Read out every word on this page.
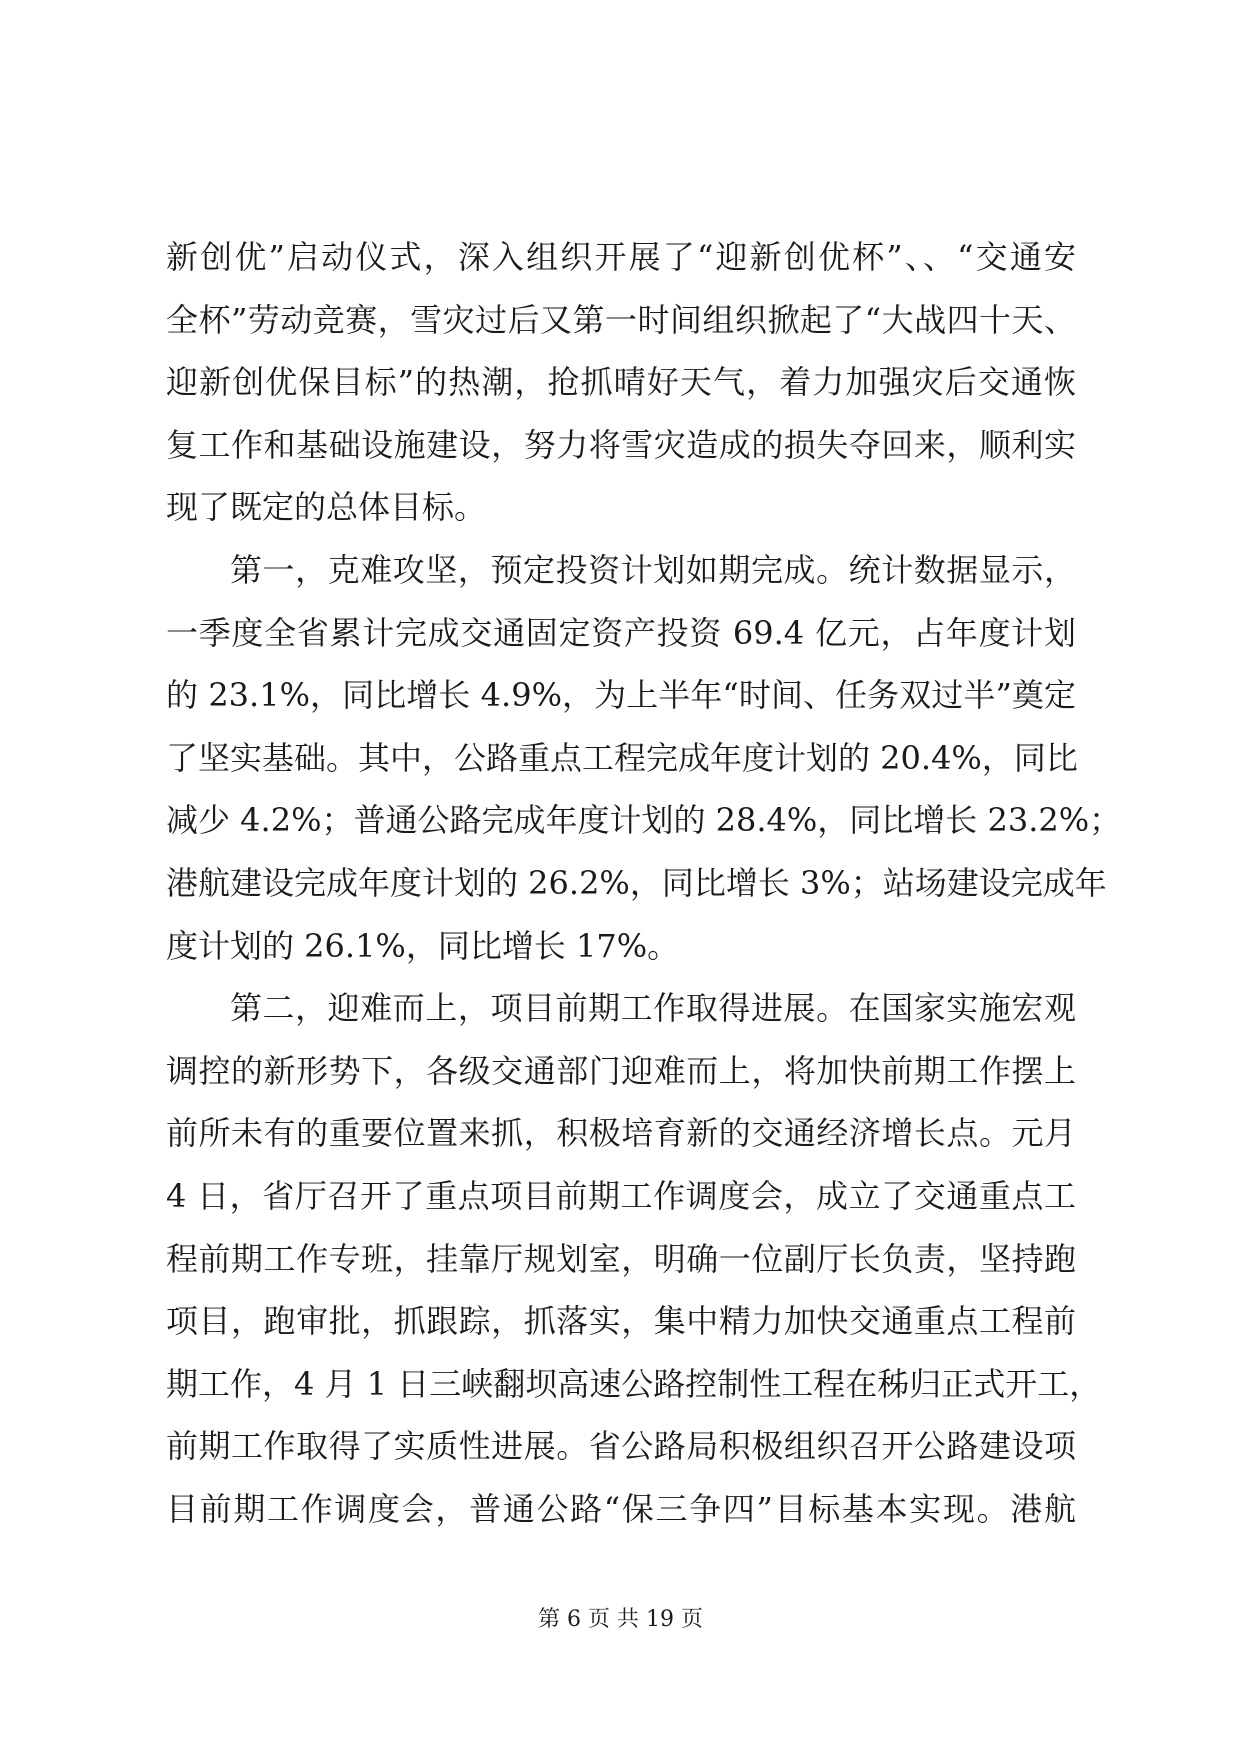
新创优”启动仪式，深入组织开展了“迎新创优杯”、、“交通安
全杯”劳动竞赛，雪灾过后又第一时间组织掀起了“大战四十天、
迎新创优保目标”的热潮，抢抓晴好天气，着力加强灾后交通恢
复工作和基础设施建设，努力将雪灾造成的损失夺回来，顺利实
现了既定的总体目标。
第一，克难攻坚，预定投资计划如期完成。统计数据显示，
一季度全省累计完成交通固定资产投资 69.4 亿元，占年度计划
的 23.1%，同比增长 4.9%，为上半年“时间、任务双过半”奠定
了坚实基础。其中，公路重点工程完成年度计划的 20.4%，同比
减少 4.2%；普通公路完成年度计划的 28.4%，同比增长 23.2%；
港航建设完成年度计划的 26.2%，同比增长 3%；站场建设完成年
度计划的 26.1%，同比增长 17%。
第二，迎难而上，项目前期工作取得进展。在国家实施宏观
调控的新形势下，各级交通部门迎难而上，将加快前期工作摆上
前所未有的重要位置来抓，积极培育新的交通经济增长点。元月
4 日，省厅召开了重点项目前期工作调度会，成立了交通重点工
程前期工作专班，挂靠厅规划室，明确一位副厅长负责，坚持跑
项目，跑审批，抓跟踪，抓落实，集中精力加快交通重点工程前
期工作，4 月 1 日三峡翻坝高速公路控制性工程在秭归正式开工，
前期工作取得了实质性进展。省公路局积极组织召开公路建设项
目前期工作调度会，普通公路“保三争四”目标基本实现。港航
第 6 页 共 19 页
